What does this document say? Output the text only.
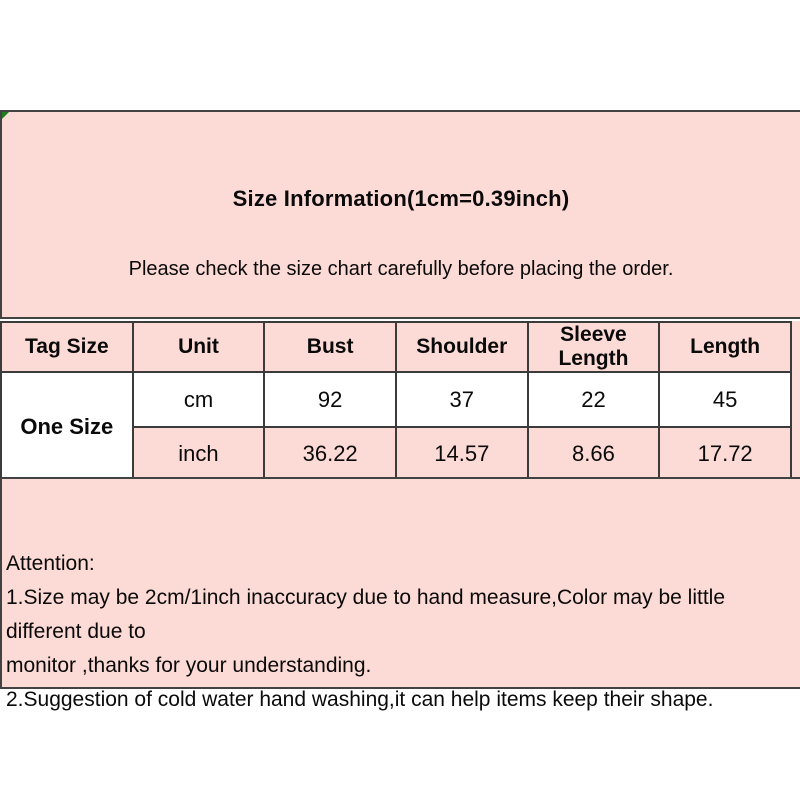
Size Information(1cm=0.39inch)
Please check the size chart carefully before placing the order.
Tag Size	Unit	Bust	Shoulder	Sleeve Length	Length
One Size	cm	92	37	22	45
	inch	36.22	14.57	8.66	17.72
Attention:
1.Size may be 2cm/1inch inaccuracy due to hand measure,Color may be little different due to
monitor ,thanks for your understanding.
2.Suggestion of cold water hand washing,it can help items keep their shape.
